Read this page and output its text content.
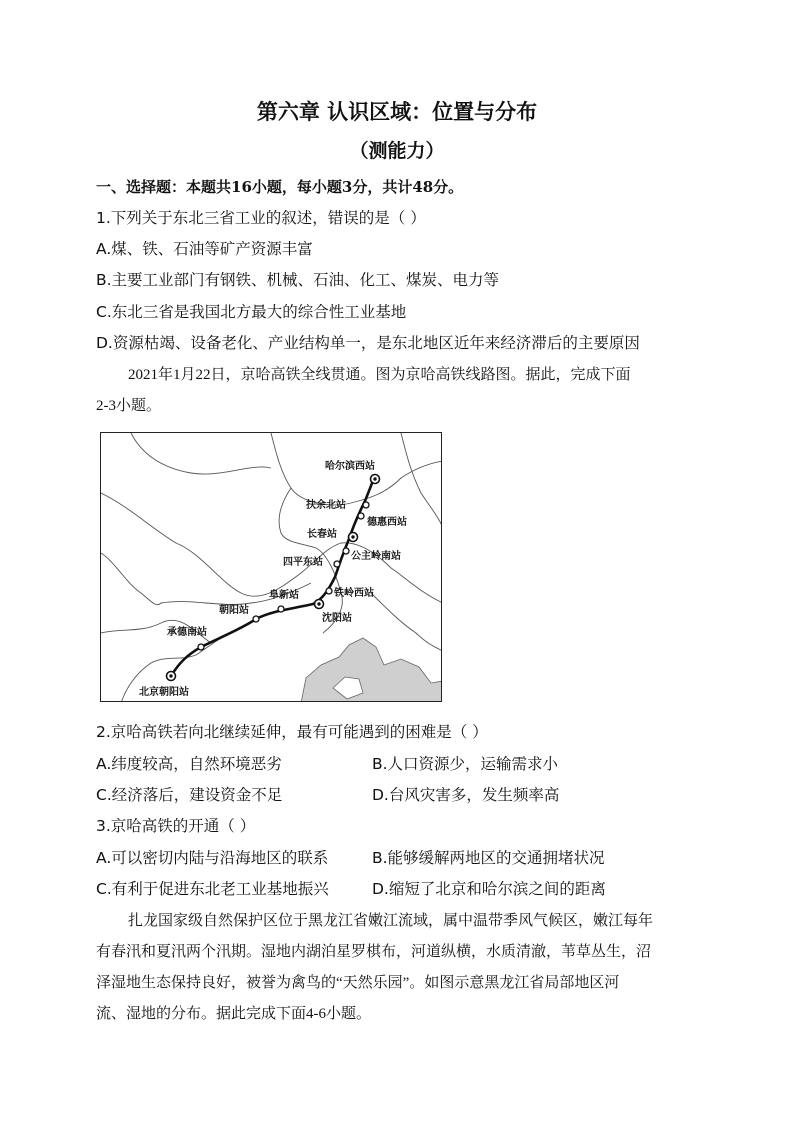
第六章 认识区域：位置与分布
（测能力）
一、选择题：本题共16小题，每小题3分，共计48分。
1.下列关于东北三省工业的叙述，错误的是（ ）
A.煤、铁、石油等矿产资源丰富
B.主要工业部门有钢铁、机械、石油、化工、煤炭、电力等
C.东北三省是我国北方最大的综合性工业基地
D.资源枯竭、设备老化、产业结构单一，是东北地区近年来经济滞后的主要原因
2021年1月22日，京哈高铁全线贯通。图为京哈高铁线路图。据此，完成下面
2-3小题。
哈尔滨西站
扶余北站
德惠西站
长春站
公主岭南站
四平东站
铁岭西站
阜新站
沈阳站
朝阳站
承德南站
北京朝阳站
2.京哈高铁若向北继续延伸，最有可能遇到的困难是（ ）
A.纬度较高，自然环境恶劣	B.人口资源少，运输需求小
C.经济落后，建设资金不足	D.台风灾害多，发生频率高
3.京哈高铁的开通（ ）
A.可以密切内陆与沿海地区的联系	B.能够缓解两地区的交通拥堵状况
C.有利于促进东北老工业基地振兴	D.缩短了北京和哈尔滨之间的距离
扎龙国家级自然保护区位于黑龙江省嫩江流域，属中温带季风气候区，嫩江每年
有春汛和夏汛两个汛期。湿地内湖泊星罗棋布，河道纵横，水质清澈，苇草丛生，沼
泽湿地生态保持良好，被誉为禽鸟的“天然乐园”。如图示意黑龙江省局部地区河
流、湿地的分布。据此完成下面4-6小题。
